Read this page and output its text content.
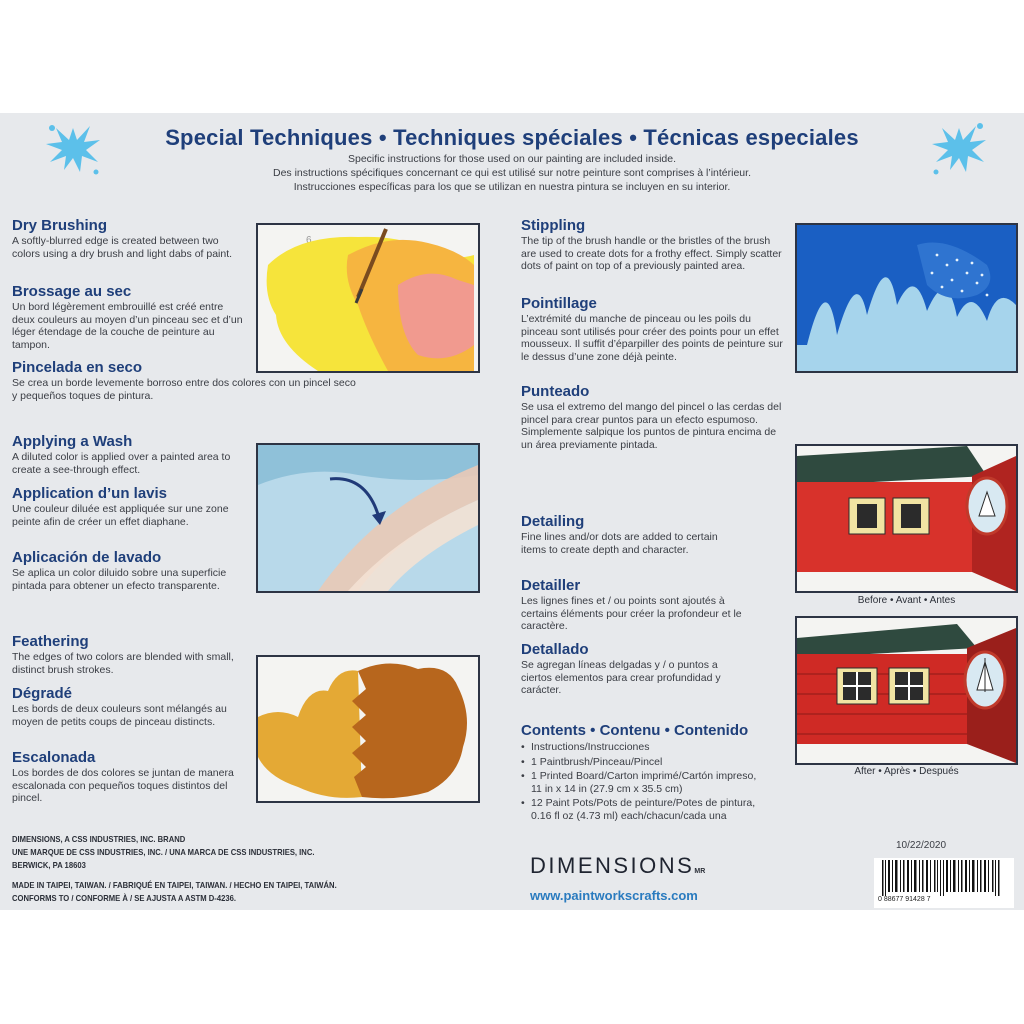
Special Techniques • Techniques spéciales • Técnicas especiales
Specific instructions for those used on our painting are included inside.
Des instructions spécifiques concernant ce qui est utilisé sur notre peinture sont comprises à l’intérieur.
Instrucciones específicas para los que se utilizan en nuestra pintura se incluyen en su interior.
Dry Brushing
A softly-blurred edge is created between two colors using a dry brush and light dabs of paint.
Brossage au sec
Un bord légèrement embrouillé est créé entre deux couleurs au moyen d’un pinceau sec et d’un léger étendage de la couche de peinture au tampon.
Pincelada en seco
Se crea un borde levemente borroso entre dos colores con un pincel seco y pequeños toques de pintura.
6
Applying a Wash
A diluted color is applied over a painted area to create a see-through effect.
Application d’un lavis
Une couleur diluée est appliquée sur une zone peinte afin de créer un effet diaphane.
Aplicación de lavado
Se aplica un color diluido sobre una superficie pintada para obtener un efecto transparente.
Feathering
The edges of two colors are blended with small, distinct brush strokes.
Dégradé
Les bords de deux couleurs sont mélangés au moyen de petits coups de pinceau distincts.
Escalonada
Los bordes de dos colores se juntan de manera escalonada con pequeños toques distintos del pincel.
Stippling
The tip of the brush handle or the bristles of the brush are used to create dots for a frothy effect. Simply scatter dots of paint on top of a previously painted area.
Pointillage
L’extrémité du manche de pinceau ou les poils du pinceau sont utilisés pour créer des points pour un effet mousseux. Il suffit d’éparpiller des points de peinture sur le dessus d’une zone déjà peinte.
Punteado
Se usa el extremo del mango del pincel o las cerdas del pincel para crear puntos para un efecto espumoso. Simplemente salpique los puntos de pintura encima de un área previamente pintada.
Detailing
Fine lines and/or dots are added to certain items to create depth and character.
Detailler
Les lignes fines et / ou points sont ajoutés à certains éléments pour créer la profondeur et le caractère.
Detallado
Se agregan líneas delgadas y / o puntos a ciertos elementos para crear profundidad y carácter.
Before • Avant • Antes
After • Après • Después
Contents • Contenu • Contenido
• Instructions/Instrucciones
• 1 Paintbrush/Pinceau/Pincel
• 1 Printed Board/Carton imprimé/Cartón impreso,
11 in x 14 in (27.9 cm x 35.5 cm)
• 12 Paint Pots/Pots de peinture/Potes de pintura,
0.16 fl oz (4.73 ml) each/chacun/cada una
DIMENSIONS, A CSS INDUSTRIES, INC. BRAND
UNE MARQUE DE CSS INDUSTRIES, INC. / UNA MARCA DE CSS INDUSTRIES, INC.
BERWICK, PA 18603
MADE IN TAIPEI, TAIWAN. / FABRIQUÉ EN TAIPEI, TAIWAN. / HECHO EN TAIPEI, TAIWÁN.
CONFORMS TO / CONFORME À / SE AJUSTA A ASTM D-4236.
10/22/2020
DIMENSIONSMR
www.paintworkscrafts.com	0 88677 91428 7
